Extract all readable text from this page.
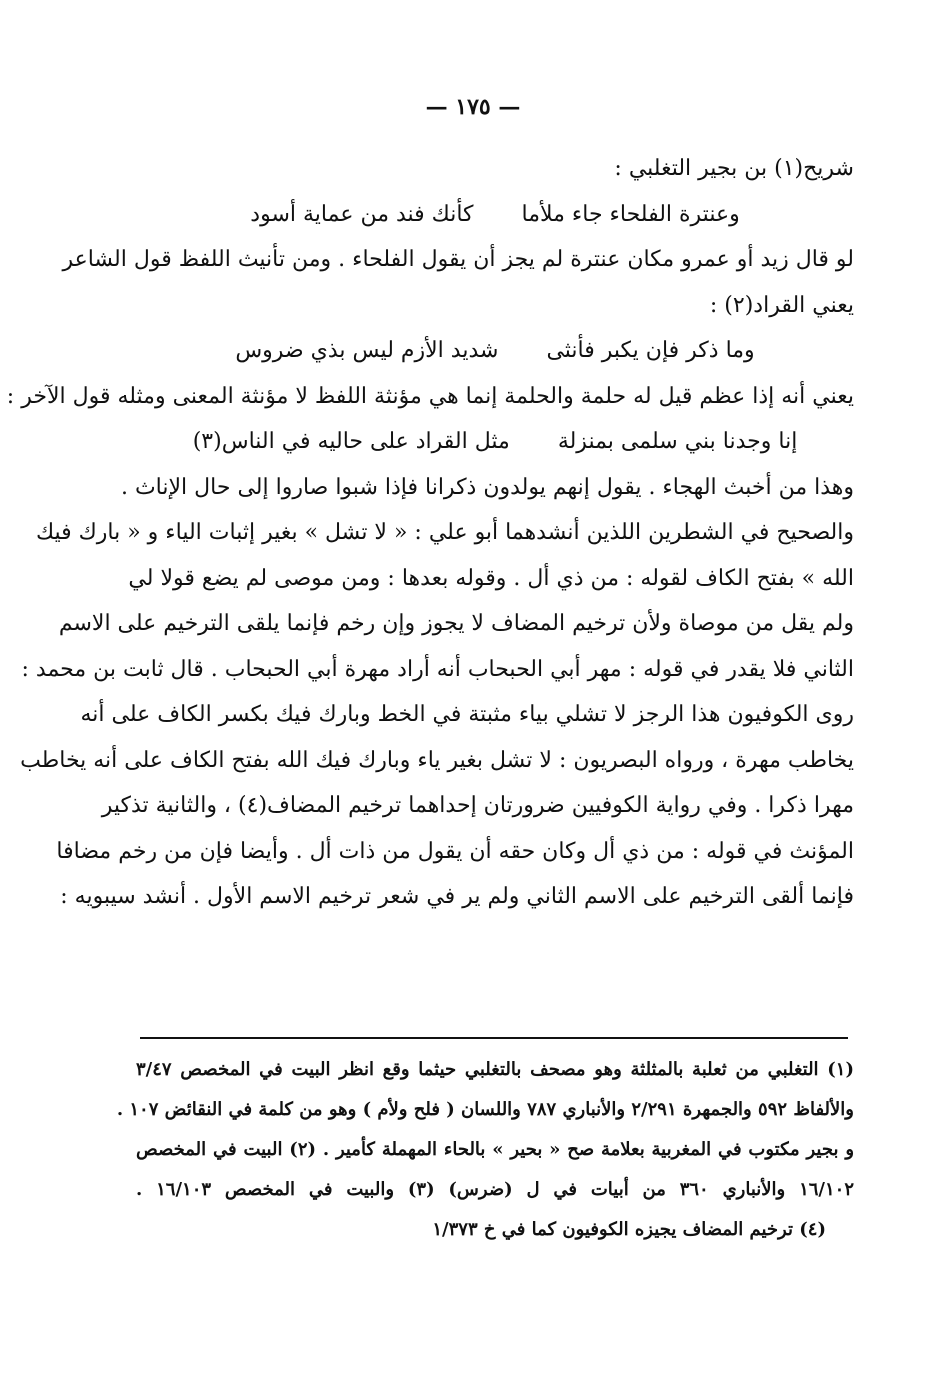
— ١٧٥ —
شريح(١) بن بجير التغلبي :
وعنترة الفلحاء جاء ملأما
كأنك فند من عماية أسود
لو قال زيد أو عمرو مكان عنترة لم يجز أن يقول الفلحاء . ومن تأنيث اللفظ قول الشاعر
يعني القراد(٢) :
وما ذكر فإن يكبر فأنثى
شديد الأزم ليس بذي ضروس
يعني أنه إذا عظم قيل له حلمة والحلمة إنما هي مؤنثة اللفظ لا مؤنثة المعنى ومثله قول الآخر :
إنا وجدنا بني سلمى بمنزلة
مثل القراد على حاليه في الناس(٣)
وهذا من أخبث الهجاء . يقول إنهم يولدون ذكرانا فإذا شبوا صاروا إلى حال الإناث .
والصحيح في الشطرين اللذين أنشدهما أبو علي : « لا تشل » بغير إثبات الياء و « بارك فيك
الله » بفتح الكاف لقوله : من ذي أل . وقوله بعدها : ومن موصى لم يضع قولا لي
ولم يقل من موصاة ولأن ترخيم المضاف لا يجوز وإن رخم فإنما يلقى الترخيم على الاسم
الثاني فلا يقدر في قوله : مهر أبي الحبحاب أنه أراد مهرة أبي الحبحاب . قال ثابت بن محمد :
روى الكوفيون هذا الرجز لا تشلي بياء مثبتة في الخط وبارك فيك بكسر الكاف على أنه
يخاطب مهرة ، ورواه البصريون : لا تشل بغير ياء وبارك فيك الله بفتح الكاف على أنه يخاطب
مهرا ذكرا . وفي رواية الكوفيين ضرورتان إحداهما ترخيم المضاف(٤) ، والثانية تذكير
المؤنث في قوله : من ذي أل وكان حقه أن يقول من ذات أل . وأيضا فإن من رخم مضافا
فإنما ألقى الترخيم على الاسم الثاني ولم ير في شعر ترخيم الاسم الأول . أنشد سيبويه :
(١) التغلبي من ثعلبة بالمثلثة وهو مصحف بالتغلبي حيثما وقع انظر البيت في المخصص ٣/٤٧
والألفاظ ٥٩٢ والجمهرة ٢/٢٩١ والأنباري ٧٨٧ واللسان ( فلح ولأم ) وهو من كلمة في النقائض ١٠٧ .
و بجير مكتوب في المغربية بعلامة صح « بحير » بالحاء المهملة كأمير . (٢) البيت في المخصص
١٦/١٠٢ والأنباري ٣٦٠ من أبيات في ل (ضرس) (٣) والبيت في المخصص ١٦/١٠٣ .
(٤) ترخيم المضاف يجيزه الكوفيون كما في خ ١/٣٧٣
